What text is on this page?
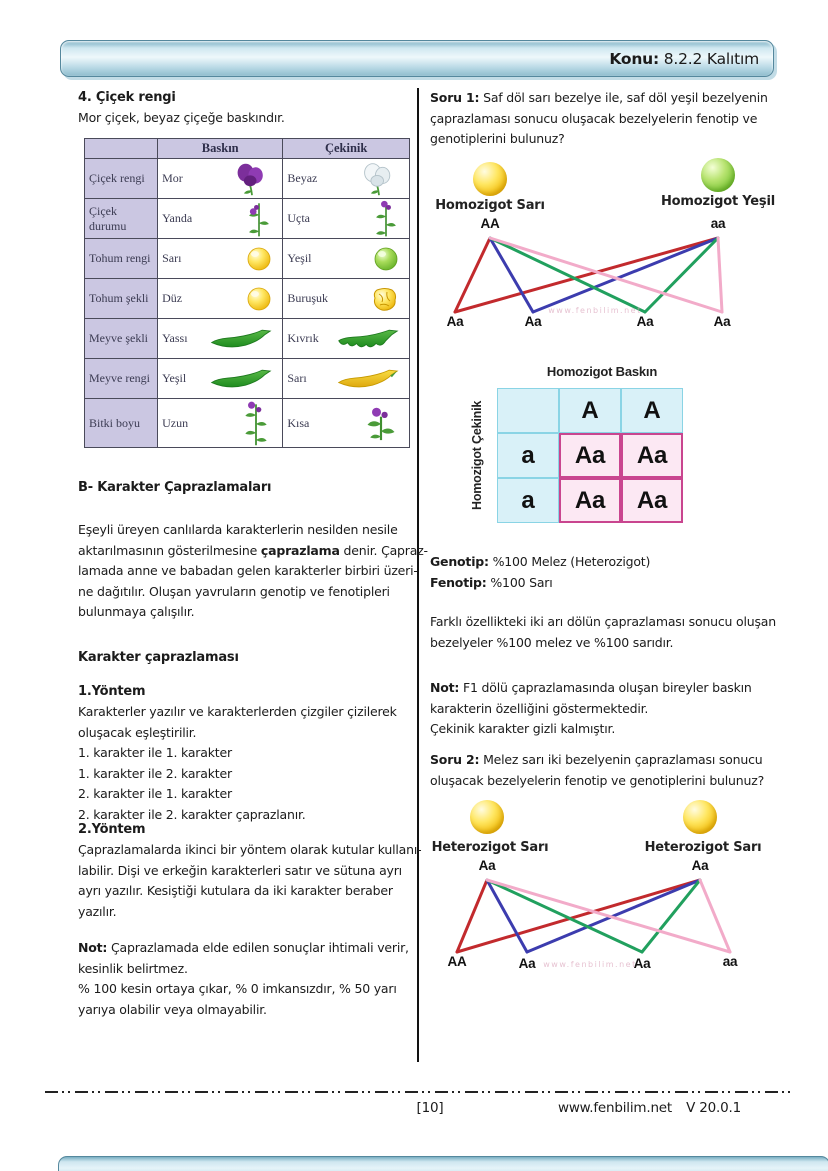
Konu: 8.2.2 Kalıtım
4. Çiçek rengi
Mor çiçek, beyaz çiçeğe baskındır.
	Baskın	Çekinik
Çiçek rengi	Mor	Beyaz

Çiçek durumu	Yanda	Uçta

Tohum rengi	Sarı	Yeşil

Tohum şekli	Düz	Buruşuk

Meyve şekli	Yassı	Kıvrık

Meyve rengi	Yeşil	Sarı

Bitki boyu	Uzun	Kısa
B- Karakter Çaprazlamaları
Eşeyli üreyen canlılarda karakterlerin nesilden nesile
aktarılmasının gösterilmesine çaprazlama denir. Çapraz-
lamada anne ve babadan gelen karakterler birbiri üzeri-
ne dağıtılır. Oluşan yavruların genotip ve fenotipleri
bulunmaya çalışılır.
Karakter çaprazlaması
1.Yöntem
Karakterler yazılır ve karakterlerden çizgiler çizilerek
oluşacak eşleştirilir.
1. karakter ile 1. karakter
1. karakter ile 2. karakter
2. karakter ile 1. karakter
2. karakter ile 2. karakter çaprazlanır.
2.Yöntem
Çaprazlamalarda ikinci bir yöntem olarak kutular kullanı-
labilir. Dişi ve erkeğin karakterleri satır ve sütuna ayrı
ayrı yazılır. Kesiştiği kutulara da iki karakter beraber
yazılır.
Not: Çaprazlamada elde edilen sonuçlar ihtimali verir,
kesinlik belirtmez.
% 100 kesin ortaya çıkar, % 0 imkansızdır, % 50 yarı
yarıya olabilir veya olmayabilir.
Soru 1: Saf döl sarı bezelye ile, saf döl yeşil bezelyenin
çaprazlaması sonucu oluşacak bezelyelerin fenotip ve
genotiplerini bulunuz?
Homozigot Sarı	Homozigot Yeşil
AA	aa
Aa	Aa	Aa	Aa
www.fenbilim.net
Homozigot Baskın
Homozigot Çekinik	A	A
a	Aa	Aa
a	Aa	Aa
Genotip: %100 Melez (Heterozigot)
Fenotip: %100 Sarı
Farklı özellikteki iki arı dölün çaprazlaması sonucu oluşan
bezelyeler %100 melez ve %100 sarıdır.
Not: F1 dölü çaprazlamasında oluşan bireyler baskın
karakterin özelliğini göstermektedir.
Çekinik karakter gizli kalmıştır.
Soru 2: Melez sarı iki bezelyenin çaprazlaması sonucu
oluşacak bezelyelerin fenotip ve genotiplerini bulunuz?
Heterozigot Sarı	Heterozigot Sarı
Aa	Aa
AA	Aa	Aa	aa
www.fenbilim.net
[10]	www.fenbilim.net V 20.0.1
